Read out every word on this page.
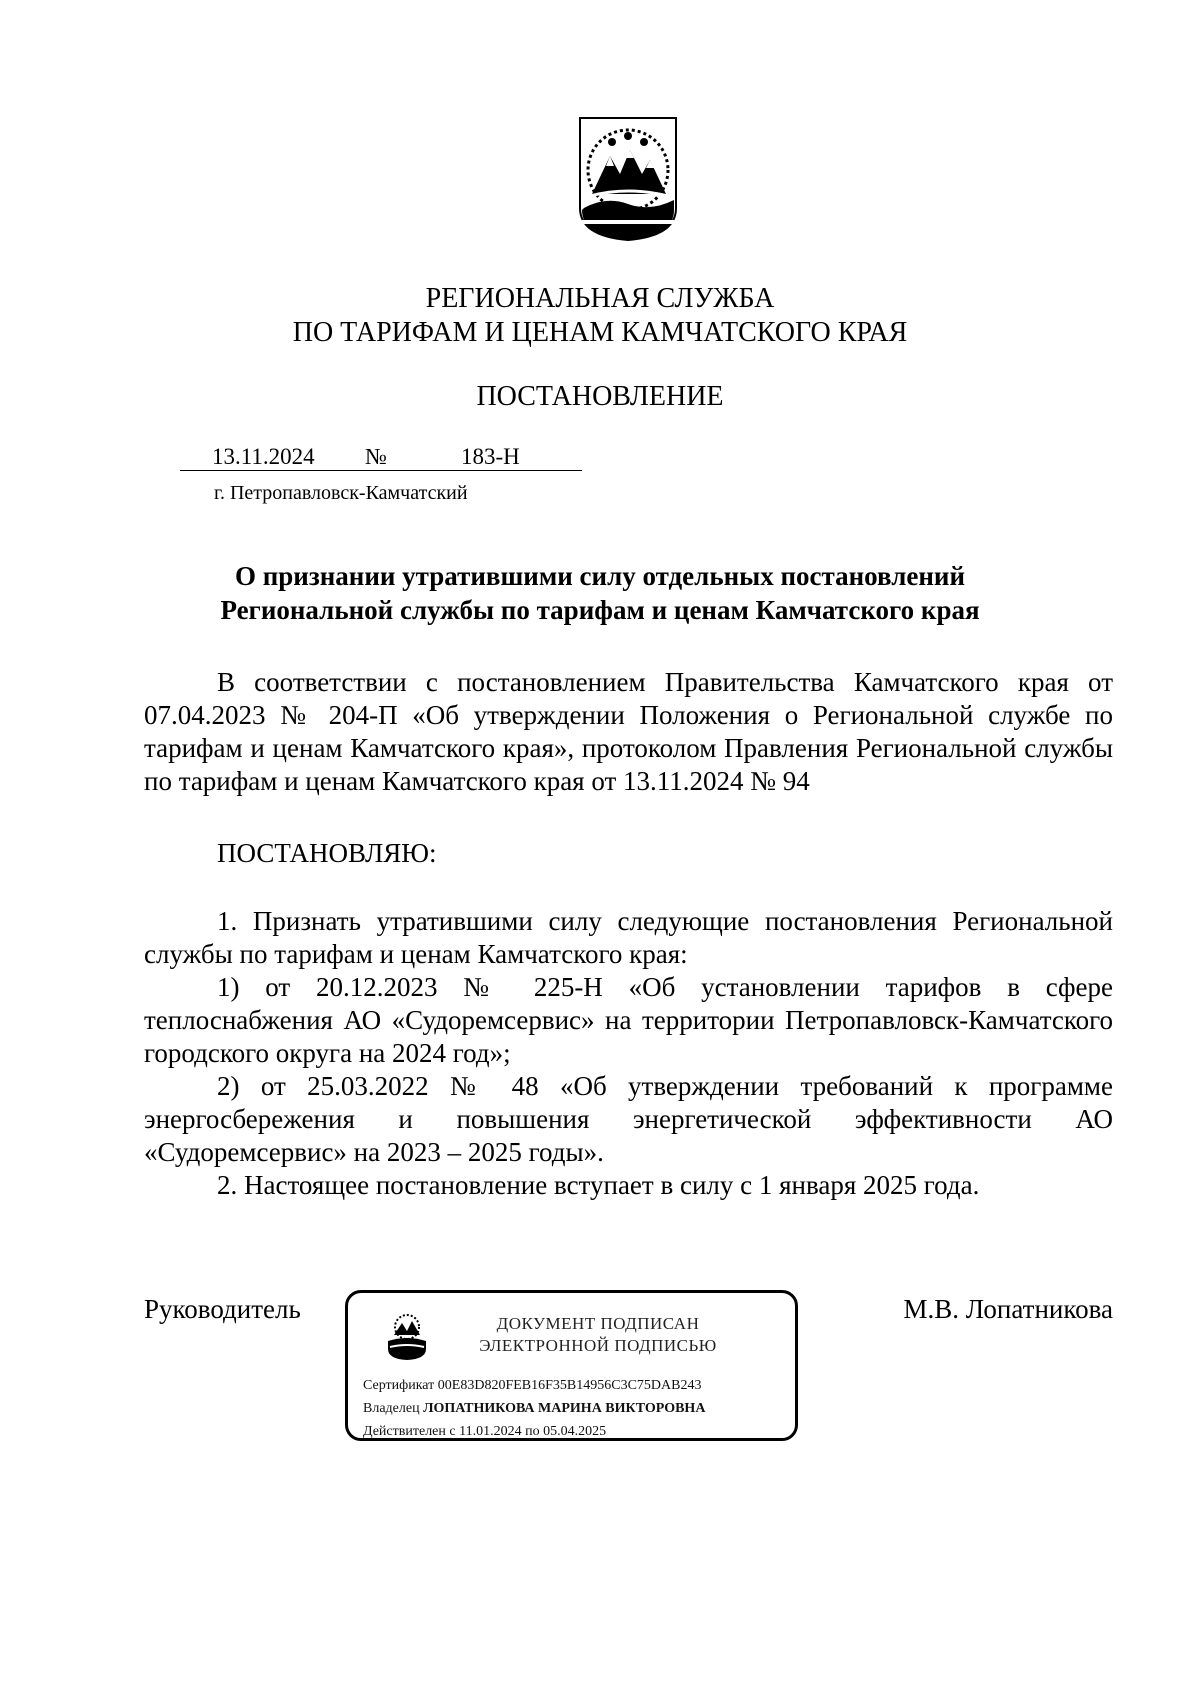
РЕГИОНАЛЬНАЯ СЛУЖБА
ПО ТАРИФАМ И ЦЕНАМ КАМЧАТСКОГО КРАЯ
ПОСТАНОВЛЕНИЕ
13.11.2024 №	183-Н
г. Петропавловск-Камчатский
О признании утратившими силу отдельных постановлений
Региональной службы по тарифам и ценам Камчатского края
В соответствии с постановлением Правительства Камчатского края от 07.04.2023 № 204-П «Об утверждении Положения о Региональной службе по тарифам и ценам Камчатского края», протоколом Правления Региональной службы по тарифам и ценам Камчатского края от 13.11.2024 № 94
ПОСТАНОВЛЯЮ:
1. Признать утратившими силу следующие постановления Региональной службы по тарифам и ценам Камчатского края:
1) от 20.12.2023 № 225-Н «Об установлении тарифов в сфере теплоснабжения АО «Судоремсервис» на территории Петропавловск-Камчатского городского округа на 2024 год»;
2) от 25.03.2022 № 48 «Об утверждении требований к программе энергосбережения и повышения энергетической эффективности АО «Судоремсервис» на 2023 – 2025 годы».
2. Настоящее постановление вступает в силу с 1 января 2025 года.
Руководитель	М.В. Лопатникова
ДОКУМЕНТ ПОДПИСАН
ЭЛЕКТРОННОЙ ПОДПИСЬЮ
Сертификат 00E83D820FEB16F35B14956C3C75DAB243
Владелец ЛОПАТНИКОВА МАРИНА ВИКТОРОВНА
Действителен с 11.01.2024 по 05.04.2025
